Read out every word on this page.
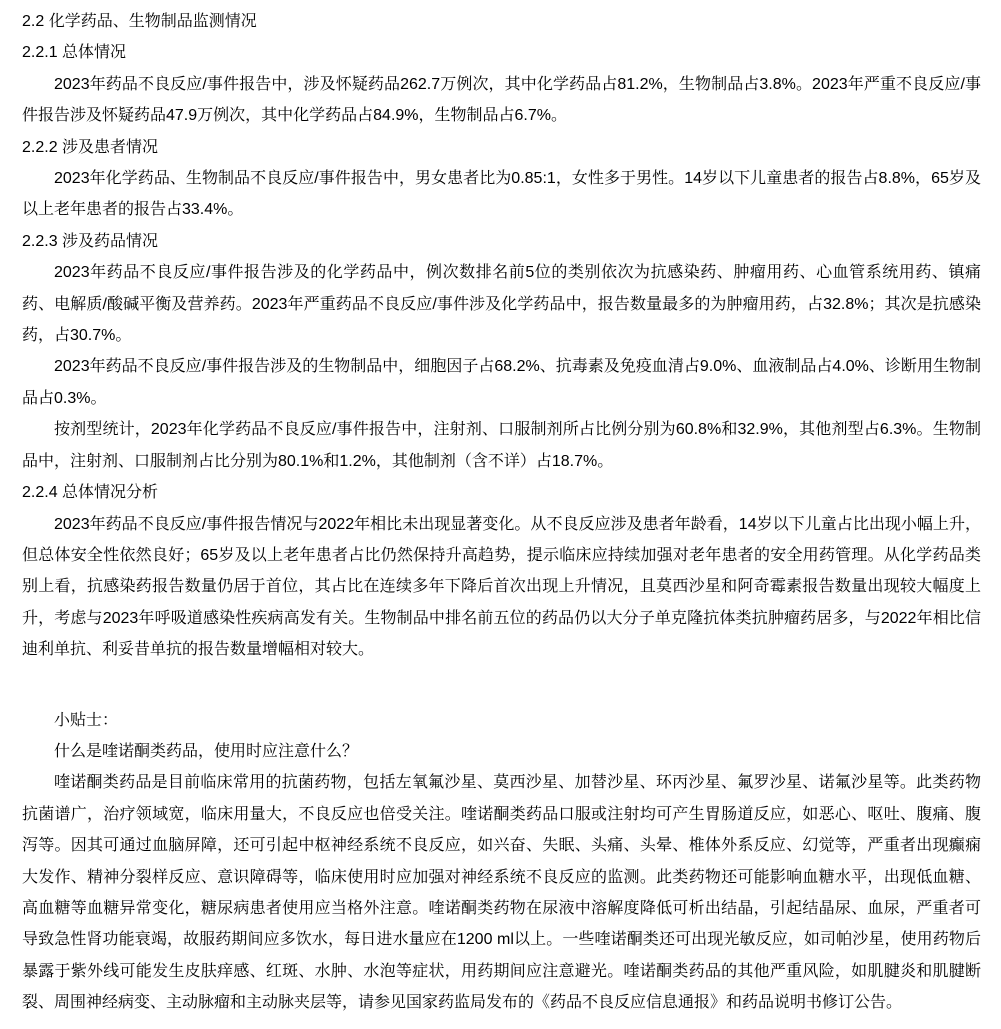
2.2 化学药品、生物制品监测情况
2.2.1 总体情况

2023年药品不良反应/事件报告中，涉及怀疑药品262.7万例次，其中化学药品占81.2%，生物制品占3.8%。2023年严重不良反应/事件报告涉及怀疑药品47.9万例次，其中化学药品占84.9%，生物制品占6.7%。

2.2.2 涉及患者情况

2023年化学药品、生物制品不良反应/事件报告中，男女患者比为0.85:1，女性多于男性。14岁以下儿童患者的报告占8.8%，65岁及以上老年患者的报告占33.4%。

2.2.3 涉及药品情况

2023年药品不良反应/事件报告涉及的化学药品中，例次数排名前5位的类别依次为抗感染药、肿瘤用药、心血管系统用药、镇痛药、电解质/酸碱平衡及营养药。2023年严重药品不良反应/事件涉及化学药品中，报告数量最多的为肿瘤用药，占32.8%；其次是抗感染药，占30.7%。

2023年药品不良反应/事件报告涉及的生物制品中，细胞因子占68.2%、抗毒素及免疫血清占9.0%、血液制品占4.0%、诊断用生物制品占0.3%。

按剂型统计，2023年化学药品不良反应/事件报告中，注射剂、口服制剂所占比例分别为60.8%和32.9%，其他剂型占6.3%。生物制品中，注射剂、口服制剂占比分别为80.1%和1.2%，其他制剂（含不详）占18.7%。

2.2.4 总体情况分析

2023年药品不良反应/事件报告情况与2022年相比未出现显著变化。从不良反应涉及患者年龄看，14岁以下儿童占比出现小幅上升，但总体安全性依然良好；65岁及以上老年患者占比仍然保持升高趋势，提示临床应持续加强对老年患者的安全用药管理。从化学药品类别上看，抗感染药报告数量仍居于首位，其占比在连续多年下降后首次出现上升情况，且莫西沙星和阿奇霉素报告数量出现较大幅度上升，考虑与2023年呼吸道感染性疾病高发有关。生物制品中排名前五位的药品仍以大分子单克隆抗体类抗肿瘤药居多，与2022年相比信迪利单抗、利妥昔单抗的报告数量增幅相对较大。

小贴士：

什么是喹诺酮类药品，使用时应注意什么？

喹诺酮类药品是目前临床常用的抗菌药物，包括左氧氟沙星、莫西沙星、加替沙星、环丙沙星、氟罗沙星、诺氟沙星等。此类药物抗菌谱广，治疗领域宽，临床用量大，不良反应也倍受关注。喹诺酮类药品口服或注射均可产生胃肠道反应，如恶心、呕吐、腹痛、腹泻等。因其可通过血脑屏障，还可引起中枢神经系统不良反应，如兴奋、失眠、头痛、头晕、椎体外系反应、幻觉等，严重者出现癫痫大发作、精神分裂样反应、意识障碍等，临床使用时应加强对神经系统不良反应的监测。此类药物还可能影响血糖水平，出现低血糖、高血糖等血糖异常变化，糖尿病患者使用应当格外注意。喹诺酮类药物在尿液中溶解度降低可析出结晶，引起结晶尿、血尿，严重者可导致急性肾功能衰竭，故服药期间应多饮水，每日进水量应在1200 ml以上。一些喹诺酮类还可出现光敏反应，如司帕沙星，使用药物后暴露于紫外线可能发生皮肤痒感、红斑、水肿、水泡等症状，用药期间应注意避光。喹诺酮类药品的其他严重风险，如肌腱炎和肌腱断裂、周围神经病变、主动脉瘤和主动脉夹层等，请参见国家药监局发布的《药品不良反应信息通报》和药品说明书修订公告。
